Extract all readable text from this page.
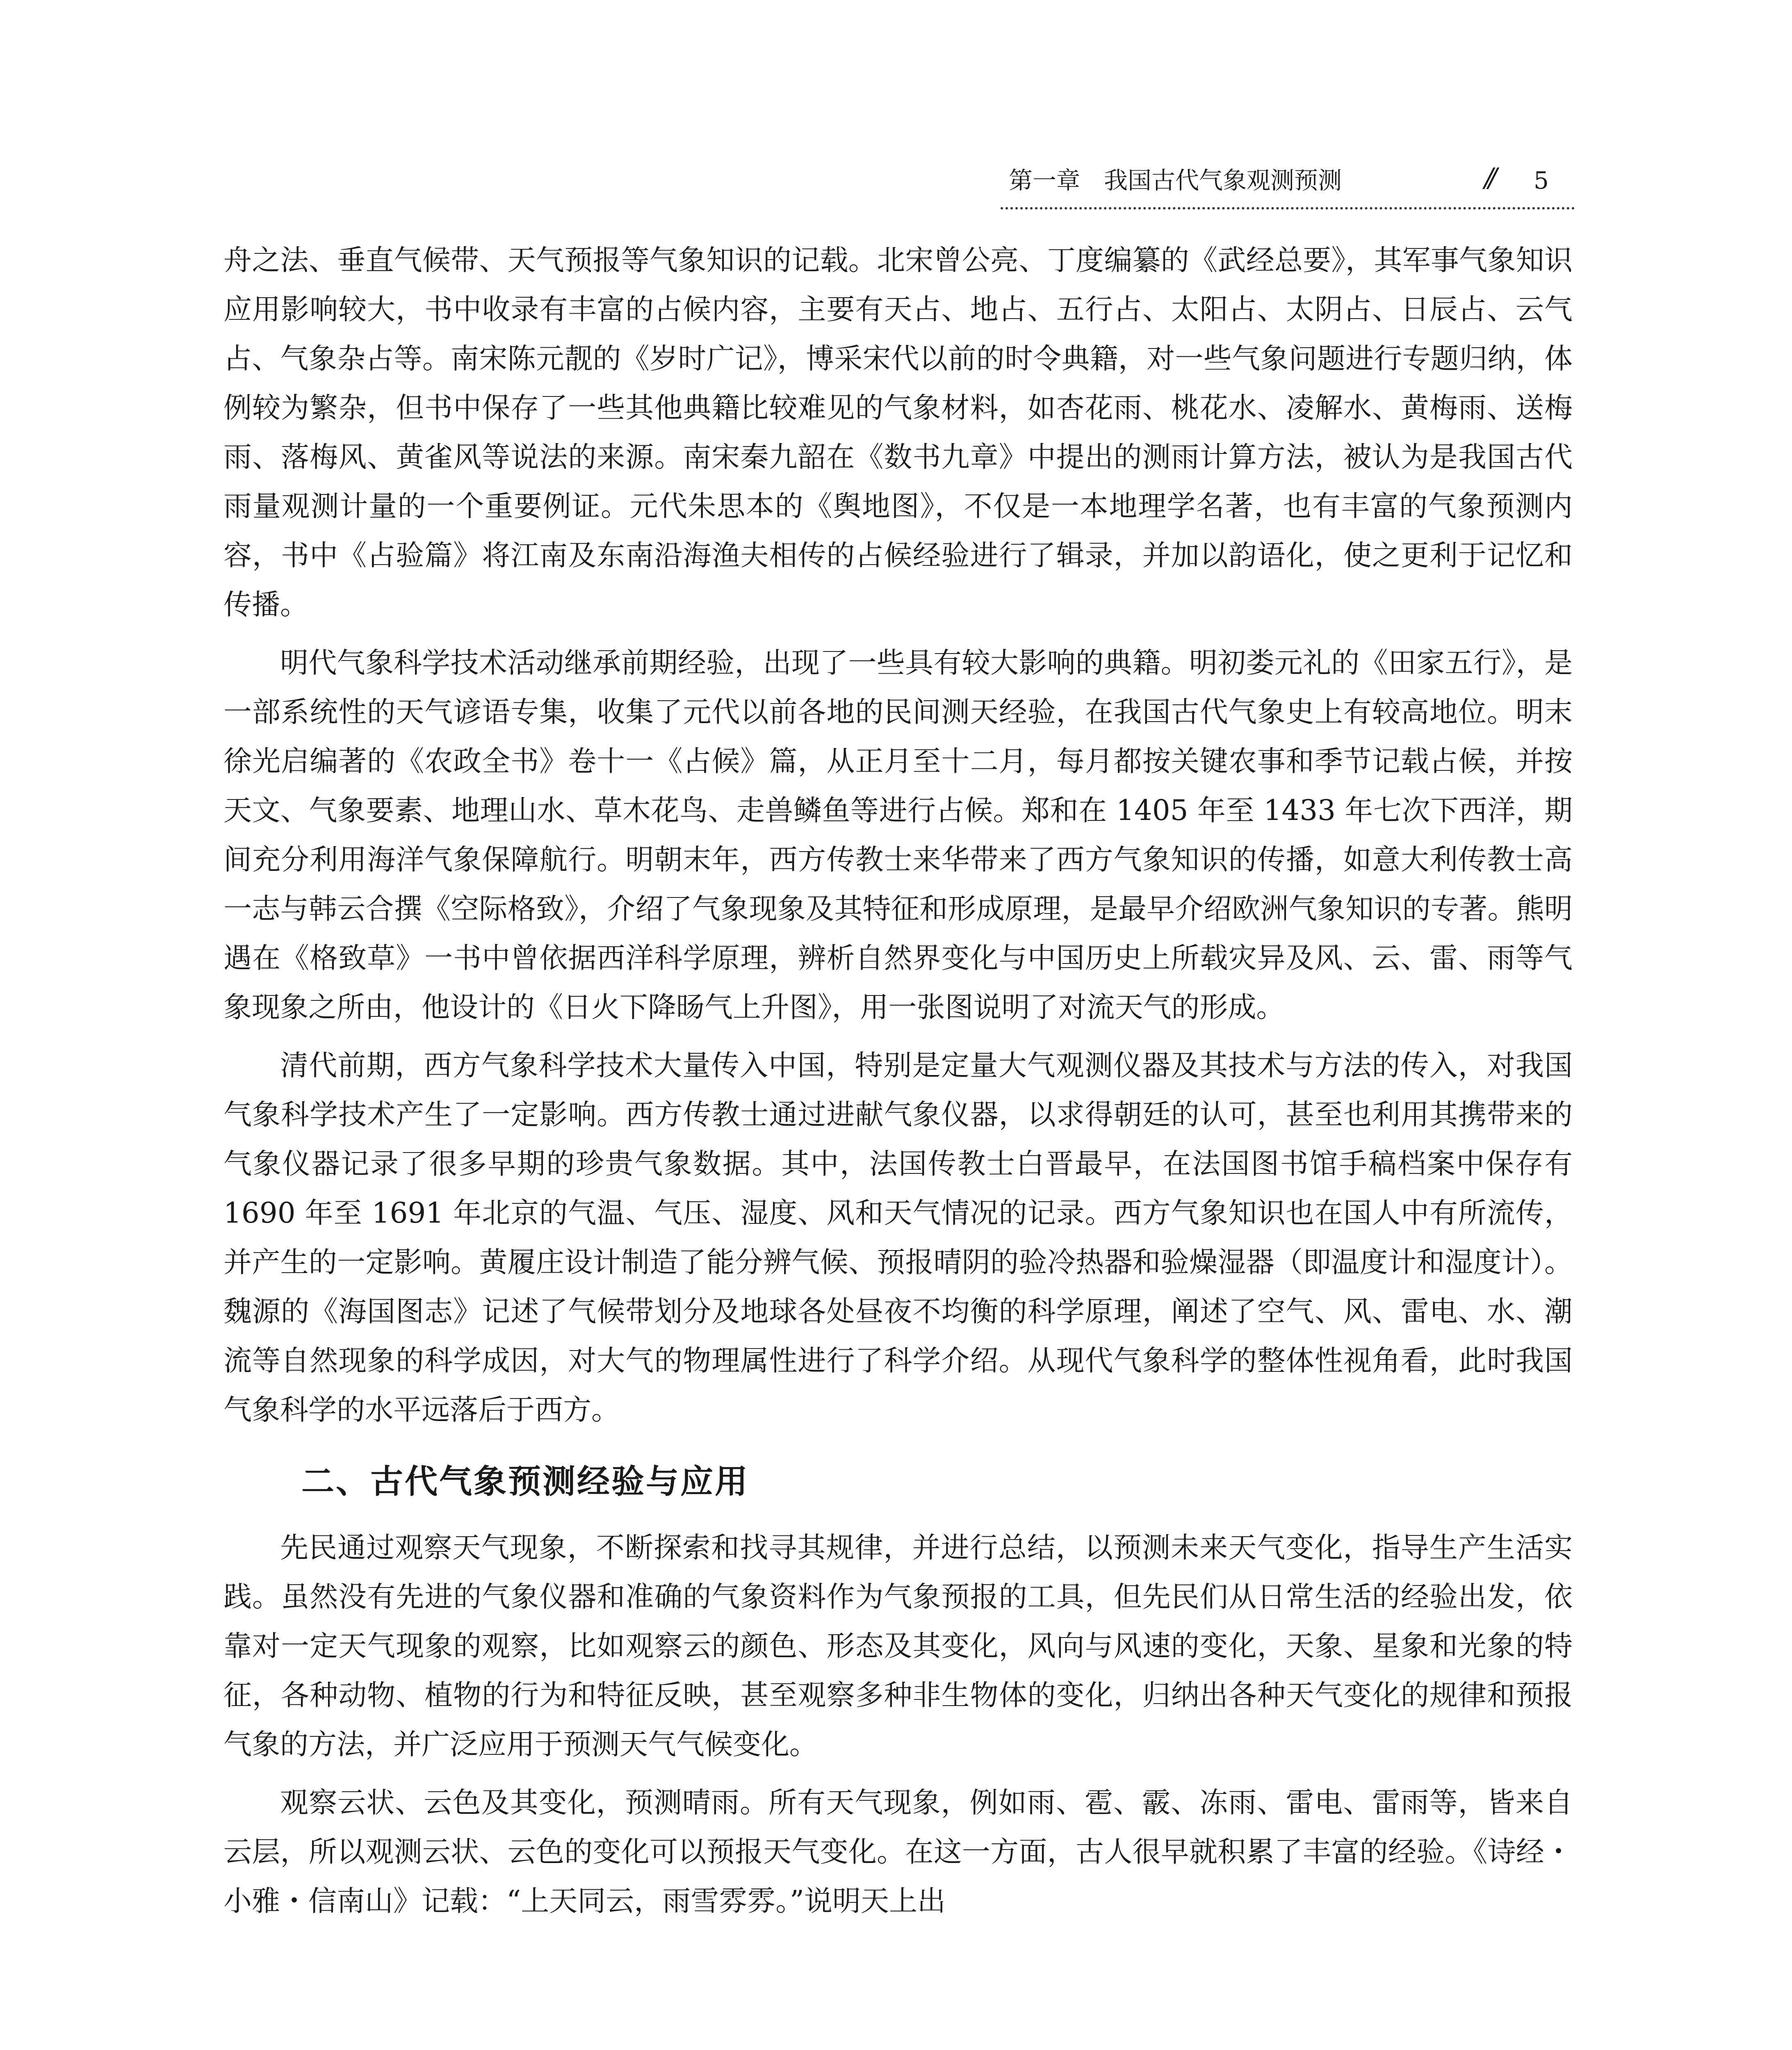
第一章　我国古代气象观测预测	// 5

舟之法、垂直气候带、天气预报等气象知识的记载。北宋曾公亮、丁度编纂的《武经总要》，其军事气象知识应用影响较大，书中收录有丰富的占候内容，主要有天占、地占、五行占、太阳占、太阴占、日辰占、云气占、气象杂占等。南宋陈元靓的《岁时广记》，博采宋代以前的时令典籍，对一些气象问题进行专题归纳，体例较为繁杂，但书中保存了一些其他典籍比较难见的气象材料，如杏花雨、桃花水、凌解水、黄梅雨、送梅雨、落梅风、黄雀风等说法的来源。南宋秦九韶在《数书九章》中提出的测雨计算方法，被认为是我国古代雨量观测计量的一个重要例证。元代朱思本的《舆地图》，不仅是一本地理学名著，也有丰富的气象预测内容，书中《占验篇》将江南及东南沿海渔夫相传的占候经验进行了辑录，并加以韵语化，使之更利于记忆和传播。

明代气象科学技术活动继承前期经验，出现了一些具有较大影响的典籍。明初娄元礼的《田家五行》，是一部系统性的天气谚语专集，收集了元代以前各地的民间测天经验，在我国古代气象史上有较高地位。明末徐光启编著的《农政全书》卷十一《占候》篇，从正月至十二月，每月都按关键农事和季节记载占候，并按天文、气象要素、地理山水、草木花鸟、走兽鳞鱼等进行占候。郑和在 1405 年至 1433 年七次下西洋，期间充分利用海洋气象保障航行。明朝末年，西方传教士来华带来了西方气象知识的传播，如意大利传教士高一志与韩云合撰《空际格致》，介绍了气象现象及其特征和形成原理，是最早介绍欧洲气象知识的专著。熊明遇在《格致草》一书中曾依据西洋科学原理，辨析自然界变化与中国历史上所载灾异及风、云、雷、雨等气象现象之所由，他设计的《日火下降旸气上升图》，用一张图说明了对流天气的形成。

清代前期，西方气象科学技术大量传入中国，特别是定量大气观测仪器及其技术与方法的传入，对我国气象科学技术产生了一定影响。西方传教士通过进献气象仪器，以求得朝廷的认可，甚至也利用其携带来的气象仪器记录了很多早期的珍贵气象数据。其中，法国传教士白晋最早，在法国图书馆手稿档案中保存有 1690 年至 1691 年北京的气温、气压、湿度、风和天气情况的记录。西方气象知识也在国人中有所流传，并产生的一定影响。黄履庄设计制造了能分辨气候、预报晴阴的验冷热器和验燥湿器（即温度计和湿度计）。魏源的《海国图志》记述了气候带划分及地球各处昼夜不均衡的科学原理，阐述了空气、风、雷电、水、潮流等自然现象的科学成因，对大气的物理属性进行了科学介绍。从现代气象科学的整体性视角看，此时我国气象科学的水平远落后于西方。

二、古代气象预测经验与应用

先民通过观察天气现象，不断探索和找寻其规律，并进行总结，以预测未来天气变化，指导生产生活实践。虽然没有先进的气象仪器和准确的气象资料作为气象预报的工具，但先民们从日常生活的经验出发，依靠对一定天气现象的观察，比如观察云的颜色、形态及其变化，风向与风速的变化，天象、星象和光象的特征，各种动物、植物的行为和特征反映，甚至观察多种非生物体的变化，归纳出各种天气变化的规律和预报气象的方法，并广泛应用于预测天气气候变化。

观察云状、云色及其变化，预测晴雨。所有天气现象，例如雨、雹、霰、冻雨、雷电、雷雨等，皆来自云层，所以观测云状、云色的变化可以预报天气变化。在这一方面，古人很早就积累了丰富的经验。《诗经・小雅・信南山》记载：“上天同云，雨雪雰雰。”说明天上出
